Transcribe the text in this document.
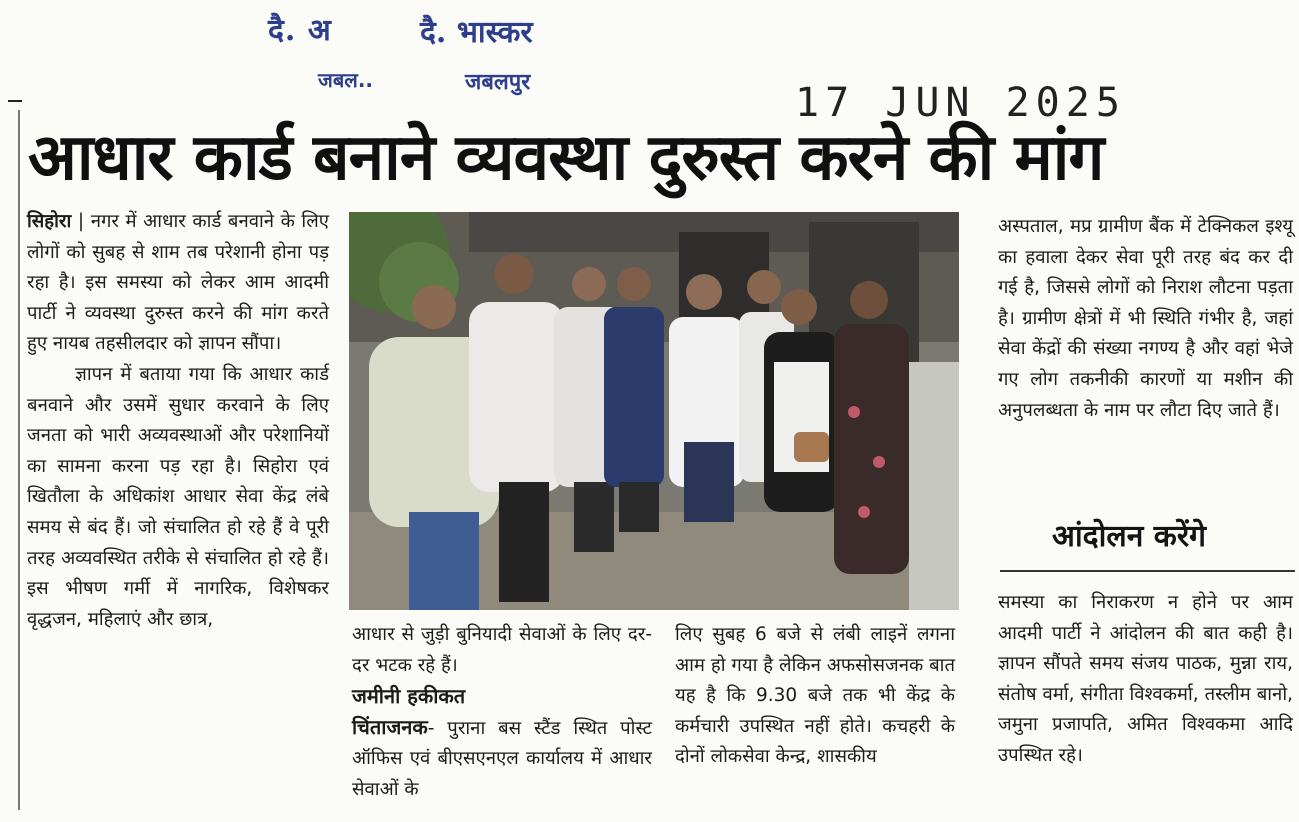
दै. अ	दै. भास्कर
जबल..	जबलपुर	17 JUN 2025
आधार कार्ड बनाने व्यवस्था दुरुस्त करने की मांग

सिहोरा | नगर में आधार कार्ड बनवाने के लिए लोगों को सुबह से शाम तब परेशानी होना पड़ रहा है। इस समस्या को लेकर आम आदमी पार्टी ने व्यवस्था दुरुस्त करने की मांग करते हुए नायब तहसीलदार को ज्ञापन सौंपा।

ज्ञापन में बताया गया कि आधार कार्ड बनवाने और उसमें सुधार करवाने के लिए जनता को भारी अव्यवस्थाओं और परेशानियों का सामना करना पड़ रहा है। सिहोरा एवं खितौला के अधिकांश आधार सेवा केंद्र लंबे समय से बंद हैं। जो संचालित हो रहे हैं वे पूरी तरह अव्यवस्थित तरीके से संचालित हो रहे हैं। इस भीषण गर्मी में नागरिक, विशेषकर वृद्धजन, महिलाएं और छात्र,

आधार से जुड़ी बुनियादी सेवाओं के लिए दर-दर भटक रहे हैं।

जमीनी हकीकत

चिंताजनक- पुराना बस स्टैंड स्थित पोस्ट ऑफिस एवं बीएसएनएल कार्यालय में आधार सेवाओं के

लिए सुबह 6 बजे से लंबी लाइनें लगना आम हो गया है लेकिन अफसोसजनक बात यह है कि 9.30 बजे तक भी केंद्र के कर्मचारी उपस्थित नहीं होते। कचहरी के दोनों लोकसेवा केन्द्र, शासकीय

अस्पताल, मप्र ग्रामीण बैंक में टेक्निकल इश्यू का हवाला देकर सेवा पूरी तरह बंद कर दी गई है, जिससे लोगों को निराश लौटना पड़ता है। ग्रामीण क्षेत्रों में भी स्थिति गंभीर है, जहां सेवा केंद्रों की संख्या नगण्य है और वहां भेजे गए लोग तकनीकी कारणों या मशीन की अनुपलब्धता के नाम पर लौटा दिए जाते हैं।

आंदोलन करेंगे

समस्या का निराकरण न होने पर आम आदमी पार्टी ने आंदोलन की बात कही है। ज्ञापन सौंपते समय संजय पाठक, मुन्ना राय, संतोष वर्मा, संगीता विश्वकर्मा, तस्लीम बानो, जमुना प्रजापति, अमित विश्वकमा आदि उपस्थित रहे।
